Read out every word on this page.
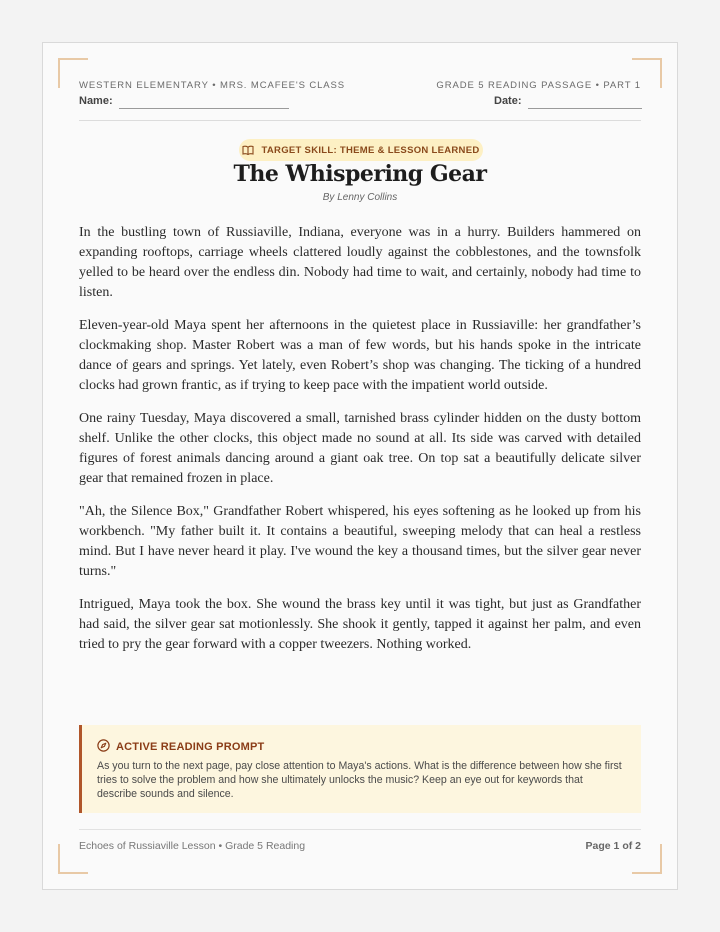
WESTERN ELEMENTARY • MRS. MCAFEE'S CLASS	GRADE 5 READING PASSAGE • PART 1
Name:	Date:
TARGET SKILL: THEME & LESSON LEARNED
The Whispering Gear
By Lenny Collins

In the bustling town of Russiaville, Indiana, everyone was in a hurry. Builders hammered on expanding rooftops, carriage wheels clattered loudly against the cobblestones, and the townsfolk yelled to be heard over the endless din. Nobody had time to wait, and certainly, nobody had time to listen.

Eleven-year-old Maya spent her afternoons in the quietest place in Russiaville: her grandfather’s clockmaking shop. Master Robert was a man of few words, but his hands spoke in the intricate dance of gears and springs. Yet lately, even Robert’s shop was changing. The ticking of a hundred clocks had grown frantic, as if trying to keep pace with the impatient world outside.

One rainy Tuesday, Maya discovered a small, tarnished brass cylinder hidden on the dusty bottom shelf. Unlike the other clocks, this object made no sound at all. Its side was carved with detailed figures of forest animals dancing around a giant oak tree. On top sat a beautifully delicate silver gear that remained frozen in place.

"Ah, the Silence Box," Grandfather Robert whispered, his eyes softening as he looked up from his workbench. "My father built it. It contains a beautiful, sweeping melody that can heal a restless mind. But I have never heard it play. I've wound the key a thousand times, but the silver gear never turns."

Intrigued, Maya took the box. She wound the brass key until it was tight, but just as Grandfather had said, the silver gear sat motionlessly. She shook it gently, tapped it against her palm, and even tried to pry the gear forward with a copper tweezers. Nothing worked.

ACTIVE READING PROMPT
As you turn to the next page, pay close attention to Maya's actions. What is the difference between how she first tries to solve the problem and how she ultimately unlocks the music? Keep an eye out for keywords that describe sounds and silence.
Echoes of Russiaville Lesson • Grade 5 Reading	Page 1 of 2
